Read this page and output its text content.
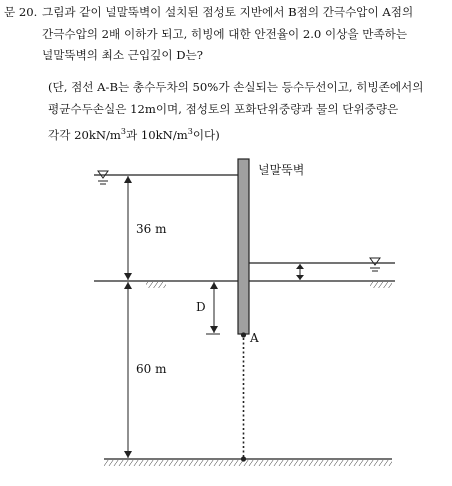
문 20. 그림과 같이 널말뚝벽이 설치된 점성토 지반에서 B점의 간극수압이 A점의
간극수압의 2배 이하가 되고, 히빙에 대한 안전율이 2.0 이상을 만족하는
널말뚝벽의 최소 근입깊이 D는?
(단, 점선 A-B는 총수두차의 50%가 손실되는 등수두선이고, 히빙존에서의
평균수두손실은 12m이며, 점성토의 포화단위중량과 물의 단위중량은
각각 $20kN/m^3$과 $10kN/m^3$이다)
널말뚝벽
36 m
60 m
D
A
